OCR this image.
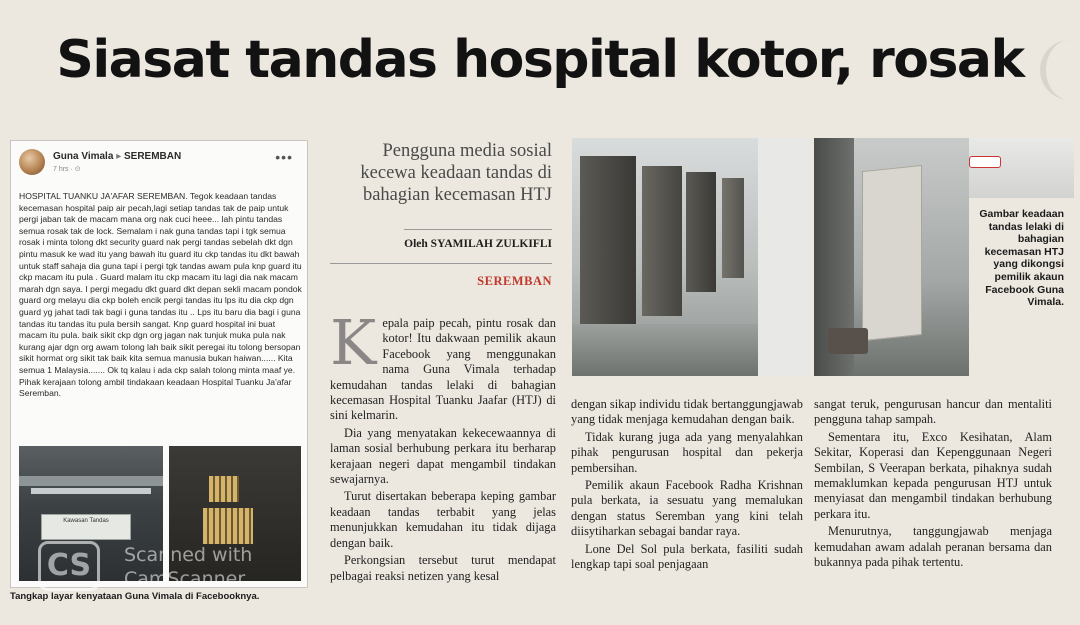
Siasat tandas hospital kotor, rosak
Guna Vimala ▸ SEREMBAN
7 hrs · ⊙
•••
HOSPITAL TUANKU JA'AFAR SEREMBAN. Tegok keadaan tandas kecemasan hospital paip air pecah,lagi setiap tandas tak de paip untuk pergi jaban tak de macam mana org nak cuci heee... lah pintu tandas semua rosak tak de lock. Semalam i nak guna tandas tapi i tgk semua rosak i minta tolong dkt security guard nak pergi tandas sebelah dkt dgn pintu masuk ke wad itu yang bawah itu guard itu ckp tandas itu dkt bawah untuk staff sahaja dia guna tapi i pergi tgk tandas awam pula knp guard itu ckp macam itu pula . Guard malam itu ckp macam itu lagi dia nak macam marah dgn saya. I pergi megadu dkt guard dkt depan sekli macam pondok guard org melayu dia ckp boleh encik pergi tandas itu lps itu dia ckp dgn guard yg jahat tadi tak bagi i guna tandas itu .. Lps itu baru dia bagi i guna tandas itu tandas itu pula bersih sangat. Knp guard hospital ini buat macam itu pula. baik sikit ckp dgn org jagan nak tunjuk muka pula nak kurang ajar dgn org awam tolong lah baik sikit peregai itu tolong bersopan sikit hormat org sikit tak baik kita semua manusia bukan haiwan...... Kita semua 1 Malaysia....... Ok tq kalau i ada ckp salah tolong minta maaf ye. Pihak kerajaan tolong ambil tindakaan keadaan Hospital Tuanku Ja'afar Seremban.
Kawasan Tandas
CS	Scanned with
CamScanner
Tangkap layar kenyataan Guna Vimala di Facebooknya.
Pengguna media sosial kecewa keadaan tandas di bahagian kecemasan HTJ
Oleh SYAMILAH ZULKIFLI
SEREMBAN

Kepala paip pecah, pintu rosak dan kotor! Itu dakwaan pemilik akaun Facebook yang menggunakan nama Guna Vimala terhadap kemudahan tandas lelaki di bahagian kecemasan Hospital Tuanku Jaafar (HTJ) di sini kelmarin.

Dia yang menyatakan kekecewaannya di laman sosial berhubung perkara itu berharap kerajaan negeri dapat mengambil tindakan sewajarnya.

Turut disertakan beberapa keping gambar keadaan tandas terbabit yang jelas menunjukkan kemudahan itu tidak dijaga dengan baik.

Perkongsian tersebut turut mendapat pelbagai reaksi netizen yang kesal

dengan sikap individu tidak bertanggungjawab yang tidak menjaga kemudahan dengan baik.

Tidak kurang juga ada yang menyalahkan pihak pengurusan hospital dan pekerja pembersihan.

Pemilik akaun Facebook Radha Krishnan pula berkata, ia sesuatu yang memalukan dengan status Seremban yang kini telah diisytiharkan sebagai bandar raya.

Lone Del Sol pula berkata, fasiliti sudah lengkap tapi soal penjagaan

sangat teruk, pengurusan hancur dan mentaliti pengguna tahap sampah.

Sementara itu, Exco Kesihatan, Alam Sekitar, Koperasi dan Kepenggunaan Negeri Sembilan, S Veerapan berkata, pihaknya sudah memaklumkan kepada pengurusan HTJ untuk menyiasat dan mengambil tindakan berhubung perkara itu.

Menurutnya, tanggungjawab menjaga kemudahan awam adalah peranan bersama dan bukannya pada pihak tertentu.

Gambar keadaan tandas lelaki di bahagian kecemasan HTJ yang dikongsi pemilik akaun Facebook Guna Vimala.
